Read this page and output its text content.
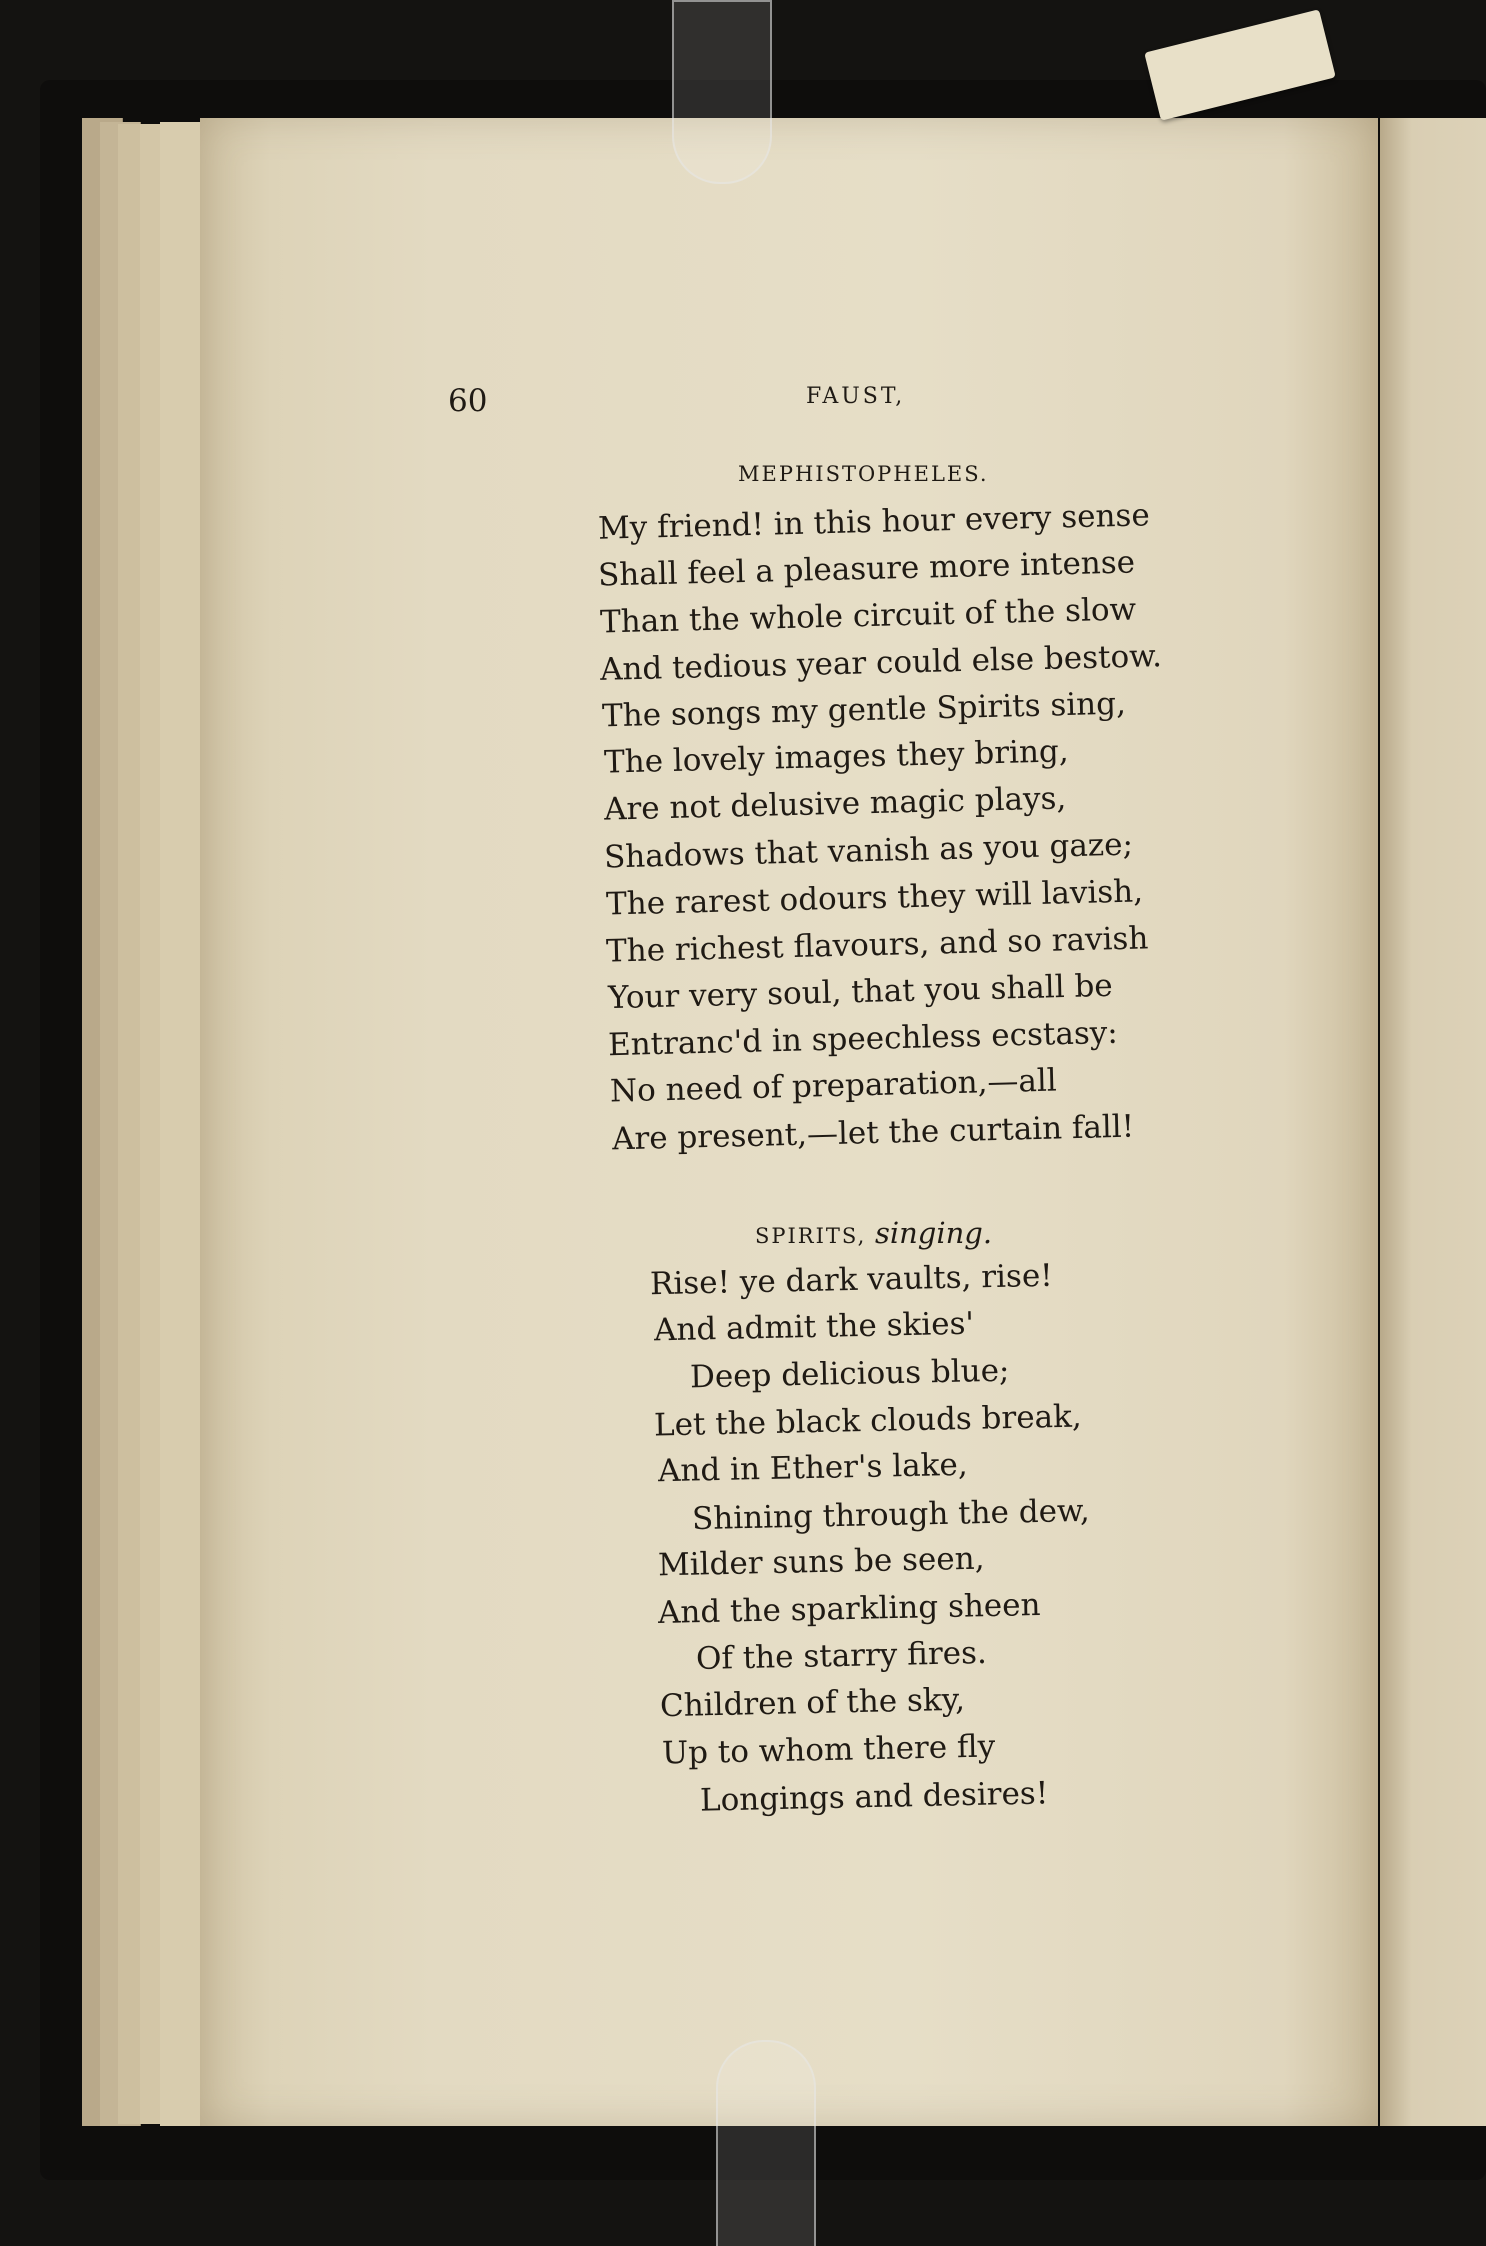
60	FAUST,
MEPHISTOPHELES.
My friend! in this hour every sense
Shall feel a pleasure more intense
Than the whole circuit of the slow
And tedious year could else bestow.
The songs my gentle Spirits sing,
The lovely images they bring,
Are not delusive magic plays,
Shadows that vanish as you gaze;
The rarest odours they will lavish,
The richest flavours, and so ravish
Your very soul, that you shall be
Entranc'd in speechless ecstasy:
No need of preparation,—all
Are present,—let the curtain fall!
SPIRITS, singing.
Rise! ye dark vaults, rise!
And admit the skies'
Deep delicious blue;
Let the black clouds break,
And in Ether's lake,
Shining through the dew,
Milder suns be seen,
And the sparkling sheen
Of the starry fires.
Children of the sky,
Up to whom there fly
Longings and desires!
